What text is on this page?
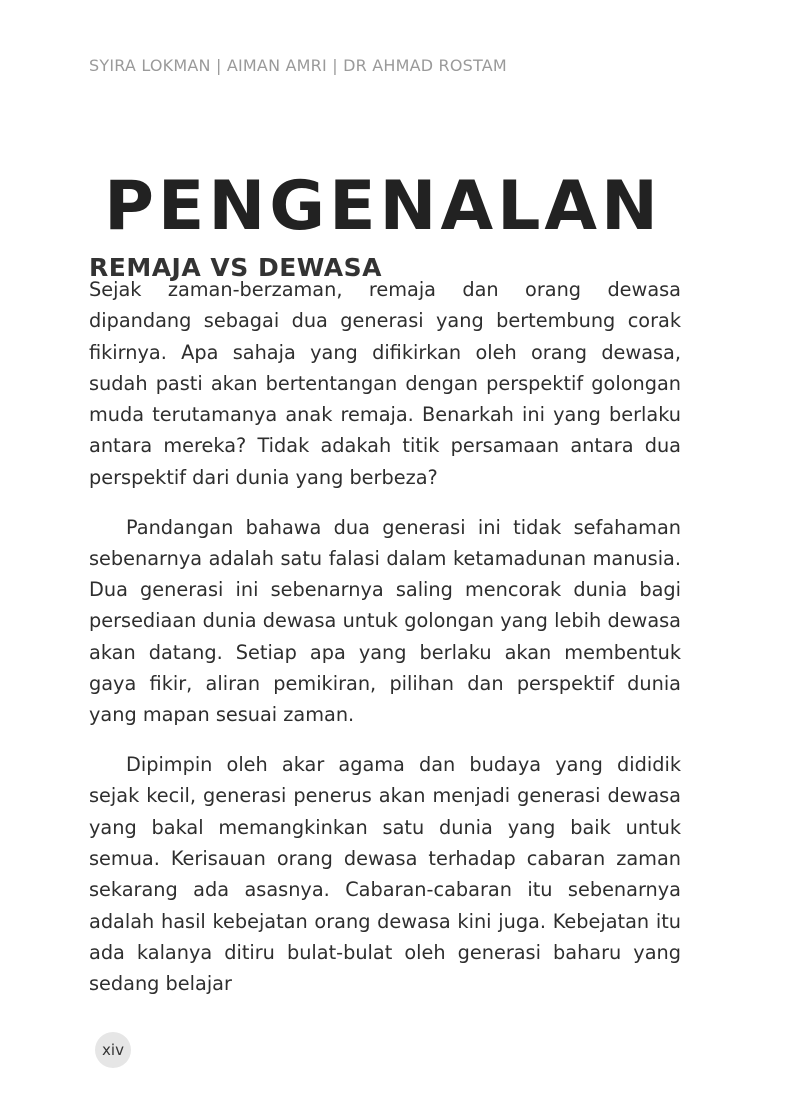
SYIRA LOKMAN | AIMAN AMRI | DR AHMAD ROSTAM
PENGENALAN
REMAJA VS DEWASA

Sejak zaman-berzaman, remaja dan orang dewasa dipandang sebagai dua generasi yang bertembung corak fikirnya. Apa sahaja yang difikirkan oleh orang dewasa, sudah pasti akan bertentangan dengan perspektif golongan muda terutamanya anak remaja. Benarkah ini yang berlaku antara mereka? Tidak adakah titik persamaan antara dua perspektif dari dunia yang berbeza?

Pandangan bahawa dua generasi ini tidak sefahaman sebenarnya adalah satu falasi dalam ketamadunan manusia. Dua generasi ini sebenarnya saling mencorak dunia bagi persediaan dunia dewasa untuk golongan yang lebih dewasa akan datang. Setiap apa yang berlaku akan membentuk gaya fikir, aliran pemikiran, pilihan dan perspektif dunia yang mapan sesuai zaman.

Dipimpin oleh akar agama dan budaya yang dididik sejak kecil, generasi penerus akan menjadi generasi dewasa yang bakal memangkinkan satu dunia yang baik untuk semua. Kerisauan orang dewasa terhadap cabaran zaman sekarang ada asasnya. Cabaran-cabaran itu sebenarnya adalah hasil kebejatan orang dewasa kini juga. Kebejatan itu ada kalanya ditiru bulat-bulat oleh generasi baharu yang sedang belajar

xiv
